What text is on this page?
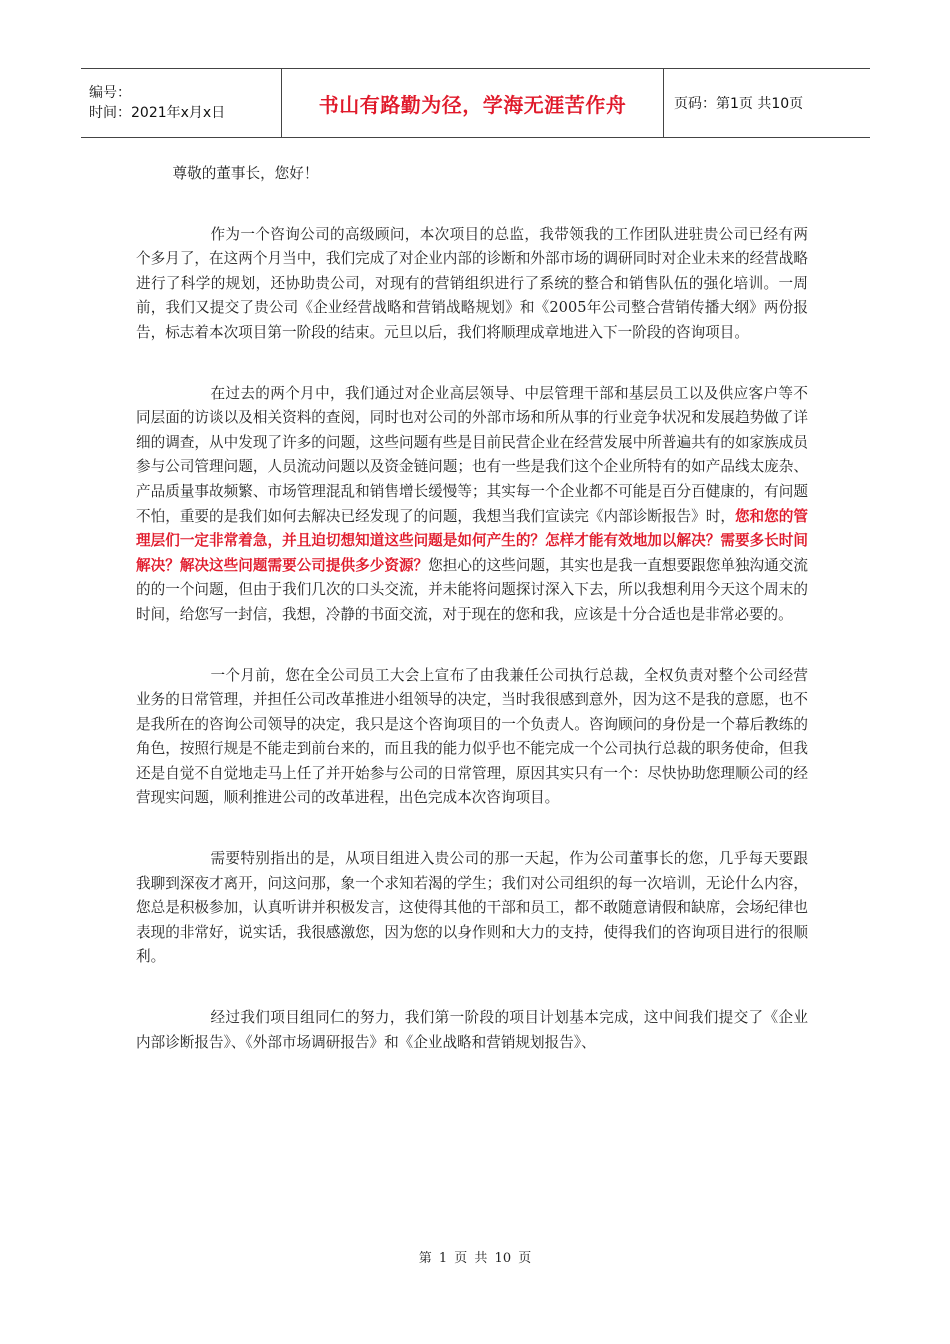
编号：
时间：2021年x月x日	书山有路勤为径，学海无涯苦作舟	页码：第1页 共10页

尊敬的董事长，您好！

作为一个咨询公司的高级顾问，本次项目的总监，我带领我的工作团队进驻贵公司已经有两个多月了，在这两个月当中，我们完成了对企业内部的诊断和外部市场的调研同时对企业未来的经营战略进行了科学的规划，还协助贵公司，对现有的营销组织进行了系统的整合和销售队伍的强化培训。一周前，我们又提交了贵公司《企业经营战略和营销战略规划》和《2005年公司整合营销传播大纲》两份报告，标志着本次项目第一阶段的结束。元旦以后，我们将顺理成章地进入下一阶段的咨询项目。

在过去的两个月中，我们通过对企业高层领导、中层管理干部和基层员工以及供应客户等不同层面的访谈以及相关资料的查阅，同时也对公司的外部市场和所从事的行业竞争状况和发展趋势做了详细的调查，从中发现了许多的问题，这些问题有些是目前民营企业在经营发展中所普遍共有的如家族成员参与公司管理问题，人员流动问题以及资金链问题；也有一些是我们这个企业所特有的如产品线太庞杂、产品质量事故频繁、市场管理混乱和销售增长缓慢等；其实每一个企业都不可能是百分百健康的，有问题不怕，重要的是我们如何去解决已经发现了的问题，我想当我们宣读完《内部诊断报告》时，您和您的管理层们一定非常着急，并且迫切想知道这些问题是如何产生的？怎样才能有效地加以解决？需要多长时间解决？解决这些问题需要公司提供多少资源？您担心的这些问题，其实也是我一直想要跟您单独沟通交流的的一个问题，但由于我们几次的口头交流，并未能将问题探讨深入下去，所以我想利用今天这个周末的时间，给您写一封信，我想，冷静的书面交流，对于现在的您和我，应该是十分合适也是非常必要的。

一个月前，您在全公司员工大会上宣布了由我兼任公司执行总裁，全权负责对整个公司经营业务的日常管理，并担任公司改革推进小组领导的决定，当时我很感到意外，因为这不是我的意愿，也不是我所在的咨询公司领导的决定，我只是这个咨询项目的一个负责人。咨询顾问的身份是一个幕后教练的角色，按照行规是不能走到前台来的，而且我的能力似乎也不能完成一个公司执行总裁的职务使命，但我还是自觉不自觉地走马上任了并开始参与公司的日常管理，原因其实只有一个：尽快协助您理顺公司的经营现实问题，顺利推进公司的改革进程，出色完成本次咨询项目。

需要特别指出的是，从项目组进入贵公司的那一天起，作为公司董事长的您，几乎每天要跟我聊到深夜才离开，问这问那，象一个求知若渴的学生；我们对公司组织的每一次培训，无论什么内容，您总是积极参加，认真听讲并积极发言，这使得其他的干部和员工，都不敢随意请假和缺席，会场纪律也表现的非常好，说实话，我很感激您，因为您的以身作则和大力的支持，使得我们的咨询项目进行的很顺利。

经过我们项目组同仁的努力，我们第一阶段的项目计划基本完成，这中间我们提交了《企业内部诊断报告》、《外部市场调研报告》和《企业战略和营销规划报告》、

第 1 页 共 10 页
